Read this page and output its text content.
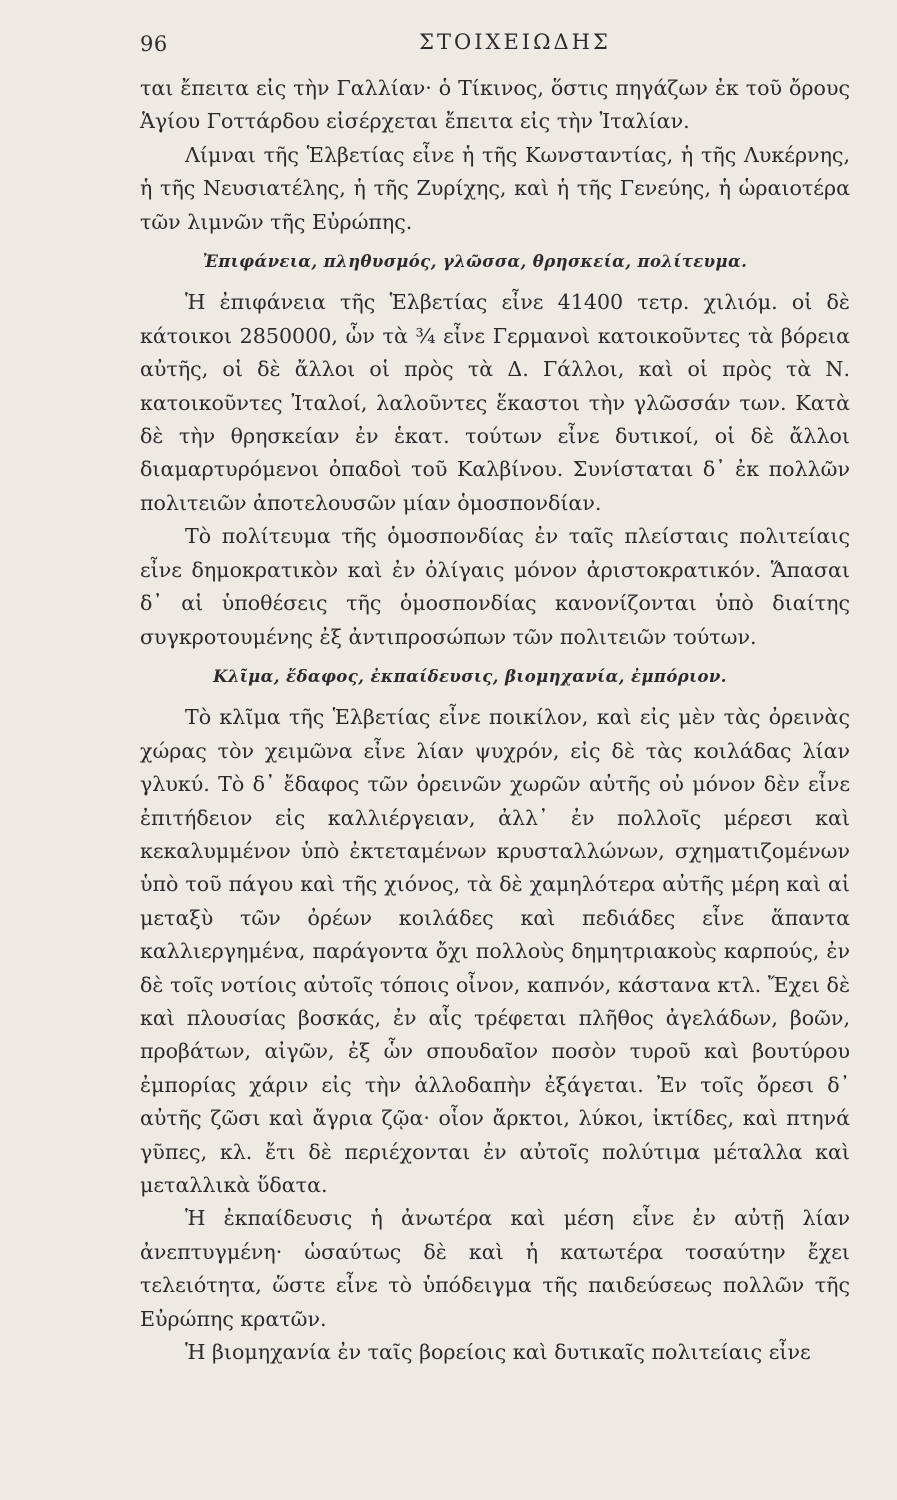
96	ΣΤΟΙΧΕΙΩΔΗΣ

ται ἔπειτα εἰς τὴν Γαλλίαν· ὁ Τίκινος, ὅστις πηγάζων ἐκ τοῦ ὄρους Ἁγίου Γοττάρδου εἰσέρχεται ἔπειτα εἰς τὴν Ἰταλίαν.

Λίμναι τῆς Ἑλβετίας εἶνε ἡ τῆς Κωνσταντίας, ἡ τῆς Λυκέρνης, ἡ τῆς Νευσιατέλης, ἡ τῆς Ζυρίχης, καὶ ἡ τῆς Γενεύης, ἡ ὡραιοτέρα τῶν λιμνῶν τῆς Εὐρώπης.

Ἐπιφάνεια, πληθυσμός, γλῶσσα, θρησκεία, πολίτευμα.

Ἡ ἐπιφάνεια τῆς Ἑλβετίας εἶνε 41400 τετρ. χιλιόμ. οἱ δὲ κάτοικοι 2850000, ὧν τὰ ¾ εἶνε Γερμανοὶ κατοικοῦντες τὰ βόρεια αὐτῆς, οἱ δὲ ἄλλοι οἱ πρὸς τὰ Δ. Γάλλοι, καὶ οἱ πρὸς τὰ Ν. κατοικοῦντες Ἰταλοί, λαλοῦντες ἕκαστοι τὴν γλῶσσάν των. Κατὰ δὲ τὴν θρησκείαν ἐν ἑκατ. τούτων εἶνε δυτικοί, οἱ δὲ ἄλλοι διαμαρτυρόμενοι ὀπαδοὶ τοῦ Καλβίνου. Συνίσταται δ᾽ ἐκ πολλῶν πολιτειῶν ἀποτελουσῶν μίαν ὁμοσπονδίαν.

Τὸ πολίτευμα τῆς ὁμοσπονδίας ἐν ταῖς πλείσταις πολιτείαις εἶνε δημοκρατικὸν καὶ ἐν ὀλίγαις μόνον ἀριστοκρατικόν. Ἅπασαι δ᾽ αἱ ὑποθέσεις τῆς ὁμοσπονδίας κανονίζονται ὑπὸ διαίτης συγκροτουμένης ἐξ ἀντιπροσώπων τῶν πολιτειῶν τούτων.

Κλῖμα, ἔδαφος, ἐκπαίδευσις, βιομηχανία, ἐμπόριον.

Τὸ κλῖμα τῆς Ἑλβετίας εἶνε ποικίλον, καὶ εἰς μὲν τὰς ὀρεινὰς χώρας τὸν χειμῶνα εἶνε λίαν ψυχρόν, εἰς δὲ τὰς κοιλάδας λίαν γλυκύ. Τὸ δ᾽ ἔδαφος τῶν ὀρεινῶν χωρῶν αὐτῆς οὐ μόνον δὲν εἶνε ἐπιτήδειον εἰς καλλιέργειαν, ἀλλ᾽ ἐν πολλοῖς μέρεσι καὶ κεκαλυμμένον ὑπὸ ἐκτεταμένων κρυσταλλώνων, σχηματιζομένων ὑπὸ τοῦ πάγου καὶ τῆς χιόνος, τὰ δὲ χαμηλότερα αὐτῆς μέρη καὶ αἱ μεταξὺ τῶν ὀρέων κοιλάδες καὶ πεδιάδες εἶνε ἅπαντα καλλιεργημένα, παράγοντα ὄχι πολλοὺς δημητριακοὺς καρπούς, ἐν δὲ τοῖς νοτίοις αὐτοῖς τόποις οἶνον, καπνόν, κάστανα κτλ. Ἔχει δὲ καὶ πλουσίας βοσκάς, ἐν αἷς τρέφεται πλῆθος ἀγελάδων, βοῶν, προβάτων, αἰγῶν, ἐξ ὧν σπουδαῖον ποσὸν τυροῦ καὶ βουτύρου ἐμπορίας χάριν εἰς τὴν ἀλλοδαπὴν ἐξάγεται. Ἐν τοῖς ὄρεσι δ᾽ αὐτῆς ζῶσι καὶ ἄγρια ζῷα· οἷον ἄρκτοι, λύκοι, ἰκτίδες, καὶ πτηνά γῦπες, κλ. ἔτι δὲ περιέχονται ἐν αὐτοῖς πολύτιμα μέταλλα καὶ μεταλλικὰ ὕδατα.

Ἡ ἐκπαίδευσις ἡ ἀνωτέρα καὶ μέση εἶνε ἐν αὐτῇ λίαν ἀνεπτυγμένη· ὡσαύτως δὲ καὶ ἡ κατωτέρα τοσαύτην ἔχει τελειότητα, ὥστε εἶνε τὸ ὑπόδειγμα τῆς παιδεύσεως πολλῶν τῆς Εὐρώπης κρατῶν.

Ἡ βιομηχανία ἐν ταῖς βορείοις καὶ δυτικαῖς πολιτείαις εἶνε
